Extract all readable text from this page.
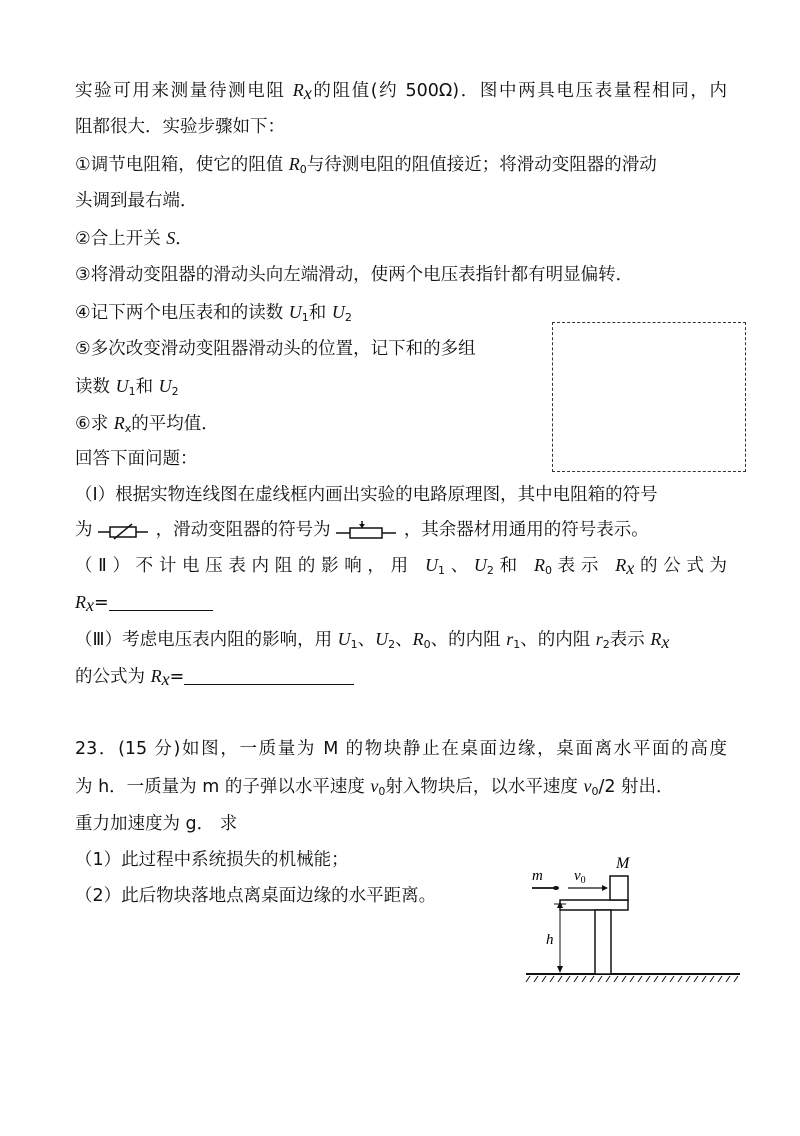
实验可用来测量待测电阻 $R_x$的阻值(约 500Ω)．图中两具电压表量程相同，内
阻都很大．实验步骤如下：
①调节电阻箱，使它的阻值 $R_0$与待测电阻的阻值接近；将滑动变阻器的滑动
头调到最右端．
②合上开关 S．
③将滑动变阻器的滑动头向左端滑动，使两个电压表指针都有明显偏转．
④记下两个电压表和的读数 $U_1$和 $U_2$
⑤多次改变滑动变阻器滑动头的位置，记下和的多组
读数 $U_1$和 $U_2$
⑥求 $R_x$的平均值．
回答下面问题：
（I）根据实物连线图在虚线框内画出实验的电路原理图，其中电阻箱的符号
为	，滑动变阻器的符号为	，其余器材用通用的符号表示。
（Ⅱ）不计电压表内阻的影响，用 $U_1$、$U_2$和 $R_0$表示 $R_x$的公式为
$R_x=$
（Ⅲ）考虑电压表内阻的影响，用 $U_1$、$U_2$、$R_0$、的内阻 $r_1$、的内阻 $r_2$表示 $R_x$
的公式为 $R_x=$
23．(15 分)如图，一质量为 M 的物块静止在桌面边缘，桌面离水平面的高度
为 h．一质量为 m 的子弹以水平速度 $v_0$射入物块后，以水平速度 $v_0/2$ 射出．
重力加速度为 g． 求
（1）此过程中系统损失的机械能；
（2）此后物块落地点离桌面边缘的水平距离。
m $v_0$
M
h
